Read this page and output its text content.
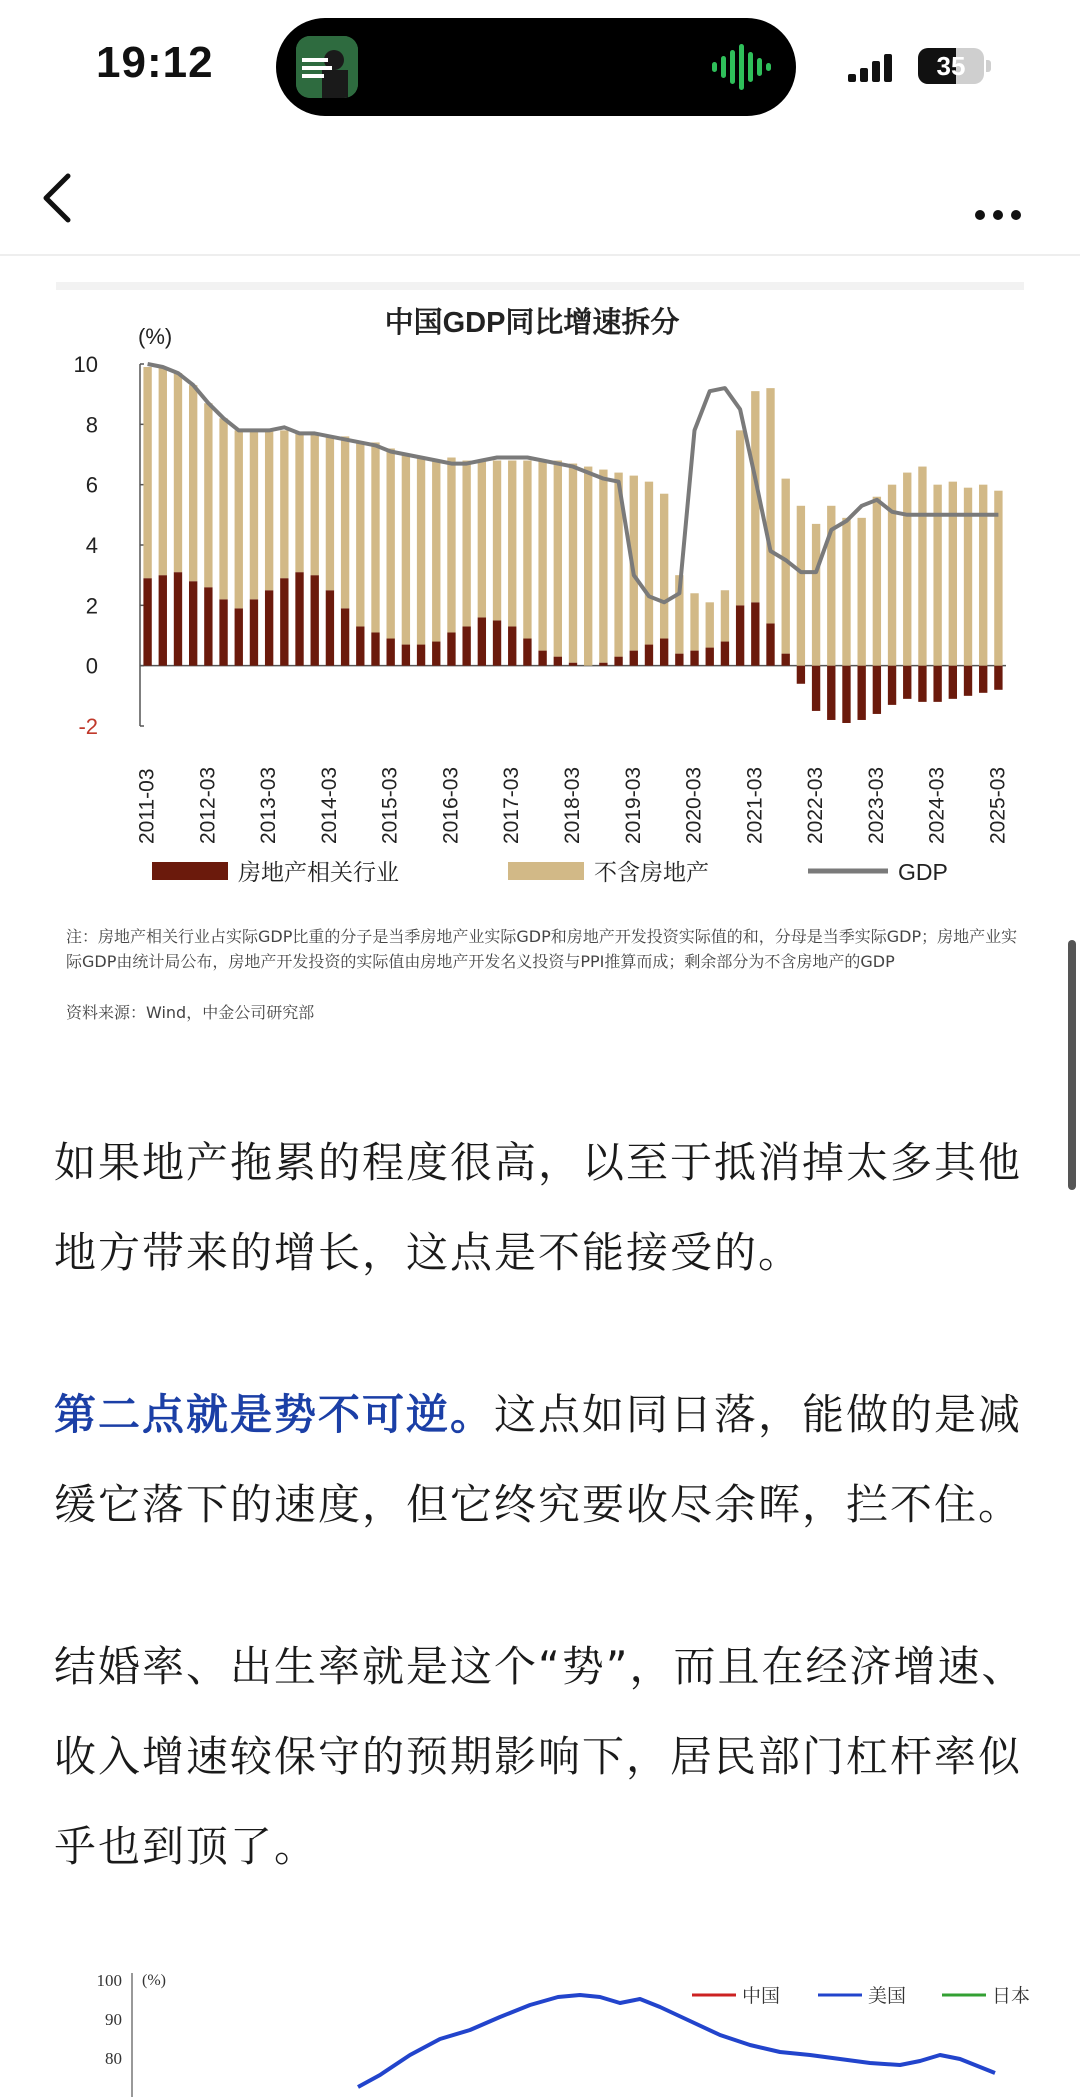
19:12	35
中国GDP同比增速拆分
(%)
-2
0
2
4
6
8
10
2011-03 2012-03 2013-03 2014-03 2015-03 2016-03 2017-03 2018-03 2019-03 2020-03 2021-03 2022-03 2023-03 2024-03 2025-03
房地产相关行业	不含房地产	GDP
注：房地产相关行业占实际GDP比重的分子是当季房地产业实际GDP和房地产开发投资实际值的和，分母是当季实际GDP；房地产业实际GDP由统计局公布，房地产开发投资的实际值由房地产开发名义投资与PPI推算而成；剩余部分为不含房地产的GDP
资料来源：Wind，中金公司研究部
如果地产拖累的程度很高，以至于抵消掉太多其他地方带来的增长，这点是不能接受的。
第二点就是势不可逆。这点如同日落，能做的是减缓它落下的速度，但它终究要收尽余晖，拦不住。
结婚率、出生率就是这个“势”，而且在经济增速、收入增速较保守的预期影响下，居民部门杠杆率似乎也到顶了。
100
90
80
(%)
中国	美国	日本
